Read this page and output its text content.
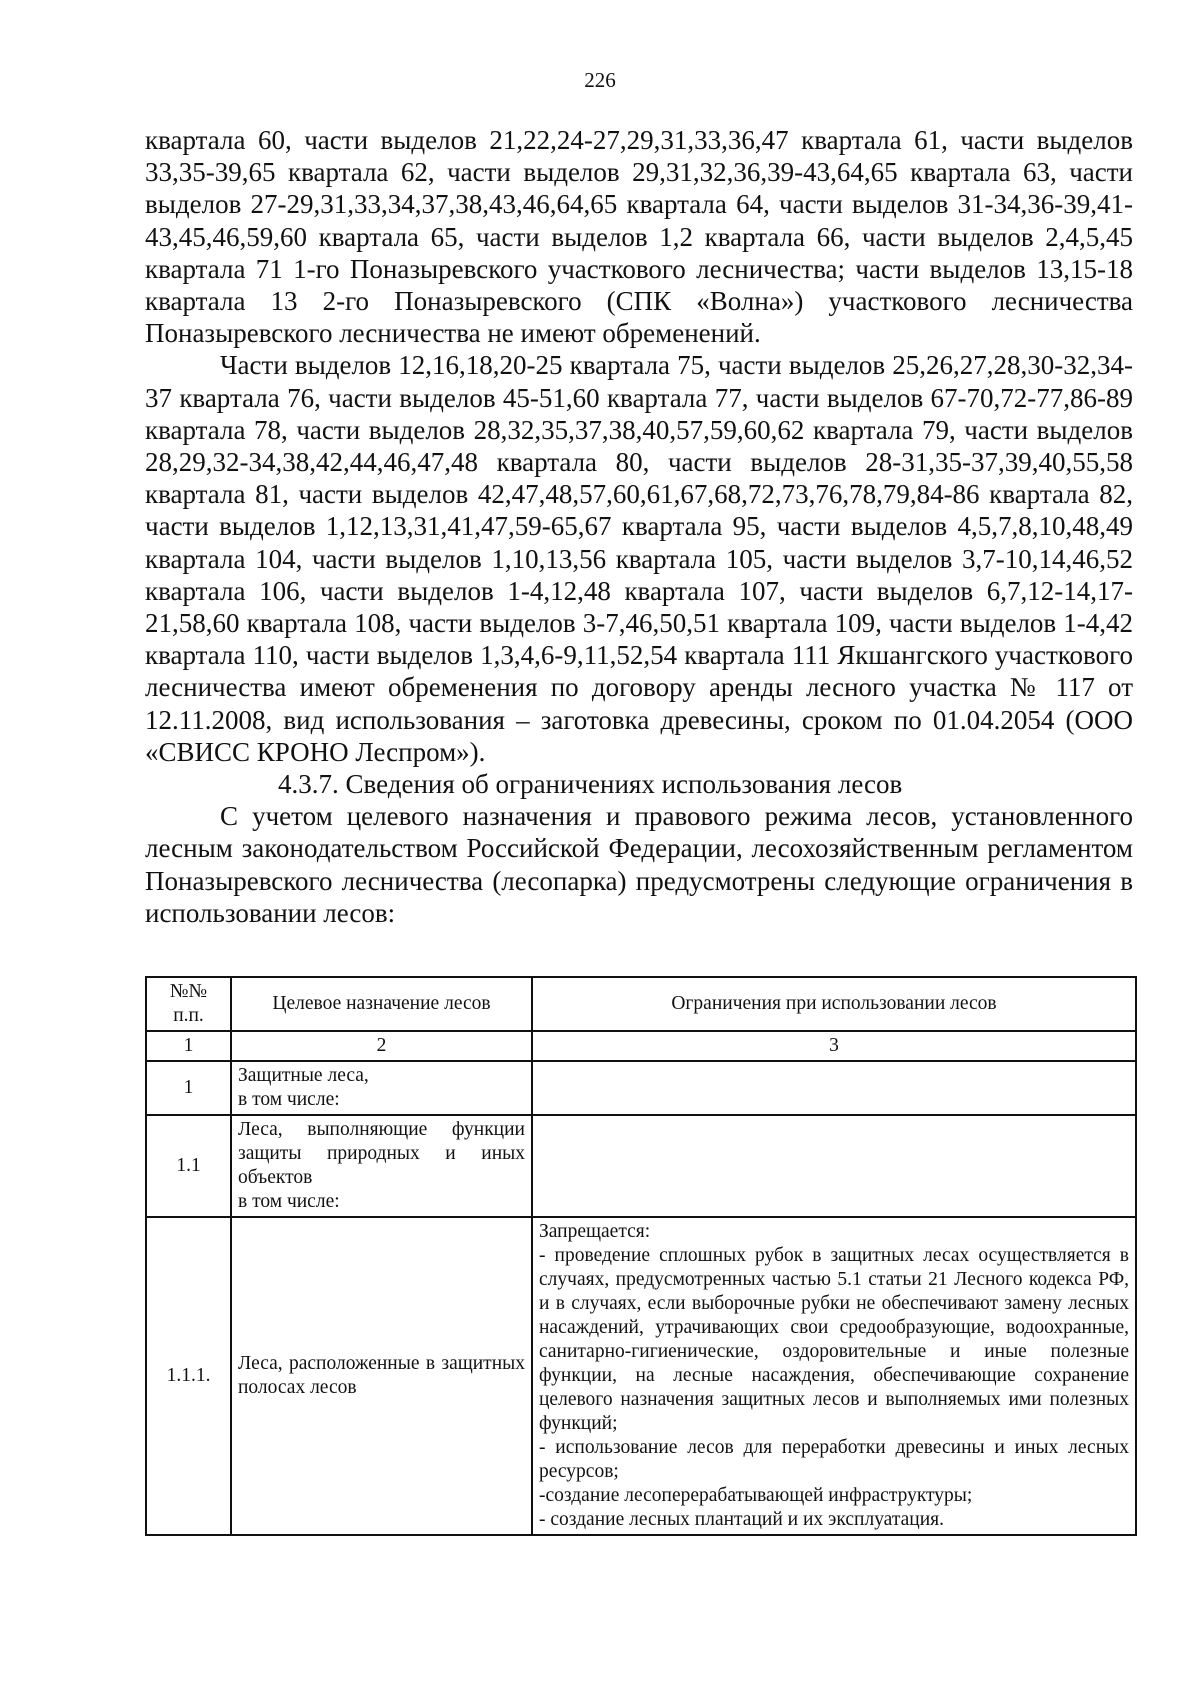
226

квартала 60, части выделов 21,22,24-27,29,31,33,36,47 квартала 61, части выделов 33,35-39,65 квартала 62, части выделов 29,31,32,36,39-43,64,65 квартала 63, части выделов 27-29,31,33,34,37,38,43,46,64,65 квартала 64, части выделов 31-34,36-39,41-43,45,46,59,60 квартала 65, части выделов 1,2 квартала 66, части выделов 2,4,5,45 квартала 71 1-го Поназыревского участкового лесничества; части выделов 13,15-18 квартала 13 2-го Поназыревского (СПК «Волна») участкового лесничества Поназыревского лесничества не имеют обременений.

Части выделов 12,16,18,20-25 квартала 75, части выделов 25,26,27,28,30-32,34-37 квартала 76, части выделов 45-51,60 квартала 77, части выделов 67-70,72-77,86-89 квартала 78, части выделов 28,32,35,37,38,40,57,59,60,62 квартала 79, части выделов 28,29,32-34,38,42,44,46,47,48 квартала 80, части выделов 28-31,35-37,39,40,55,58 квартала 81, части выделов 42,47,48,57,60,61,67,68,72,73,76,78,79,84-86 квартала 82, части выделов 1,12,13,31,41,47,59-65,67 квартала 95, части выделов 4,5,7,8,10,48,49 квартала 104, части выделов 1,10,13,56 квартала 105, части выделов 3,7-10,14,46,52 квартала 106, части выделов 1-4,12,48 квартала 107, части выделов 6,7,12-14,17-21,58,60 квартала 108, части выделов 3-7,46,50,51 квартала 109, части выделов 1-4,42 квартала 110, части выделов 1,3,4,6-9,11,52,54 квартала 111 Якшангского участкового лесничества имеют обременения по договору аренды лесного участка № 117 от 12.11.2008, вид использования – заготовка древесины, сроком по 01.04.2054 (ООО «СВИСС КРОНО Леспром»).

4.3.7. Сведения об ограничениях использования лесов

С учетом целевого назначения и правового режима лесов, установленного лесным законодательством Российской Федерации, лесохозяйственным регламентом Поназыревского лесничества (лесопарка) предусмотрены следующие ограничения в использовании лесов:

№№ п.п.	Целевое назначение лесов	Ограничения при использовании лесов
1	2	3
1	Защитные леса,
в том числе:	

1.1	Леса, выполняющие функции защиты природных и иных объектов
в том числе:	

1.1.1.	Леса, расположенные в защитных полосах лесов	Запрещается:
- проведение сплошных рубок в защитных лесах осуществляется в случаях, предусмотренных частью 5.1 статьи 21 Лесного кодекса РФ, и в случаях, если выборочные рубки не обеспечивают замену лесных насаждений, утрачивающих свои средообразующие, водоохранные, санитарно-гигиенические, оздоровительные и иные полезные функции, на лесные насаждения, обеспечивающие сохранение целевого назначения защитных лесов и выполняемых ими полезных функций;
- использование лесов для переработки древесины и иных лесных ресурсов;
-создание лесоперерабатывающей инфраструктуры;
- создание лесных плантаций и их эксплуатация.
